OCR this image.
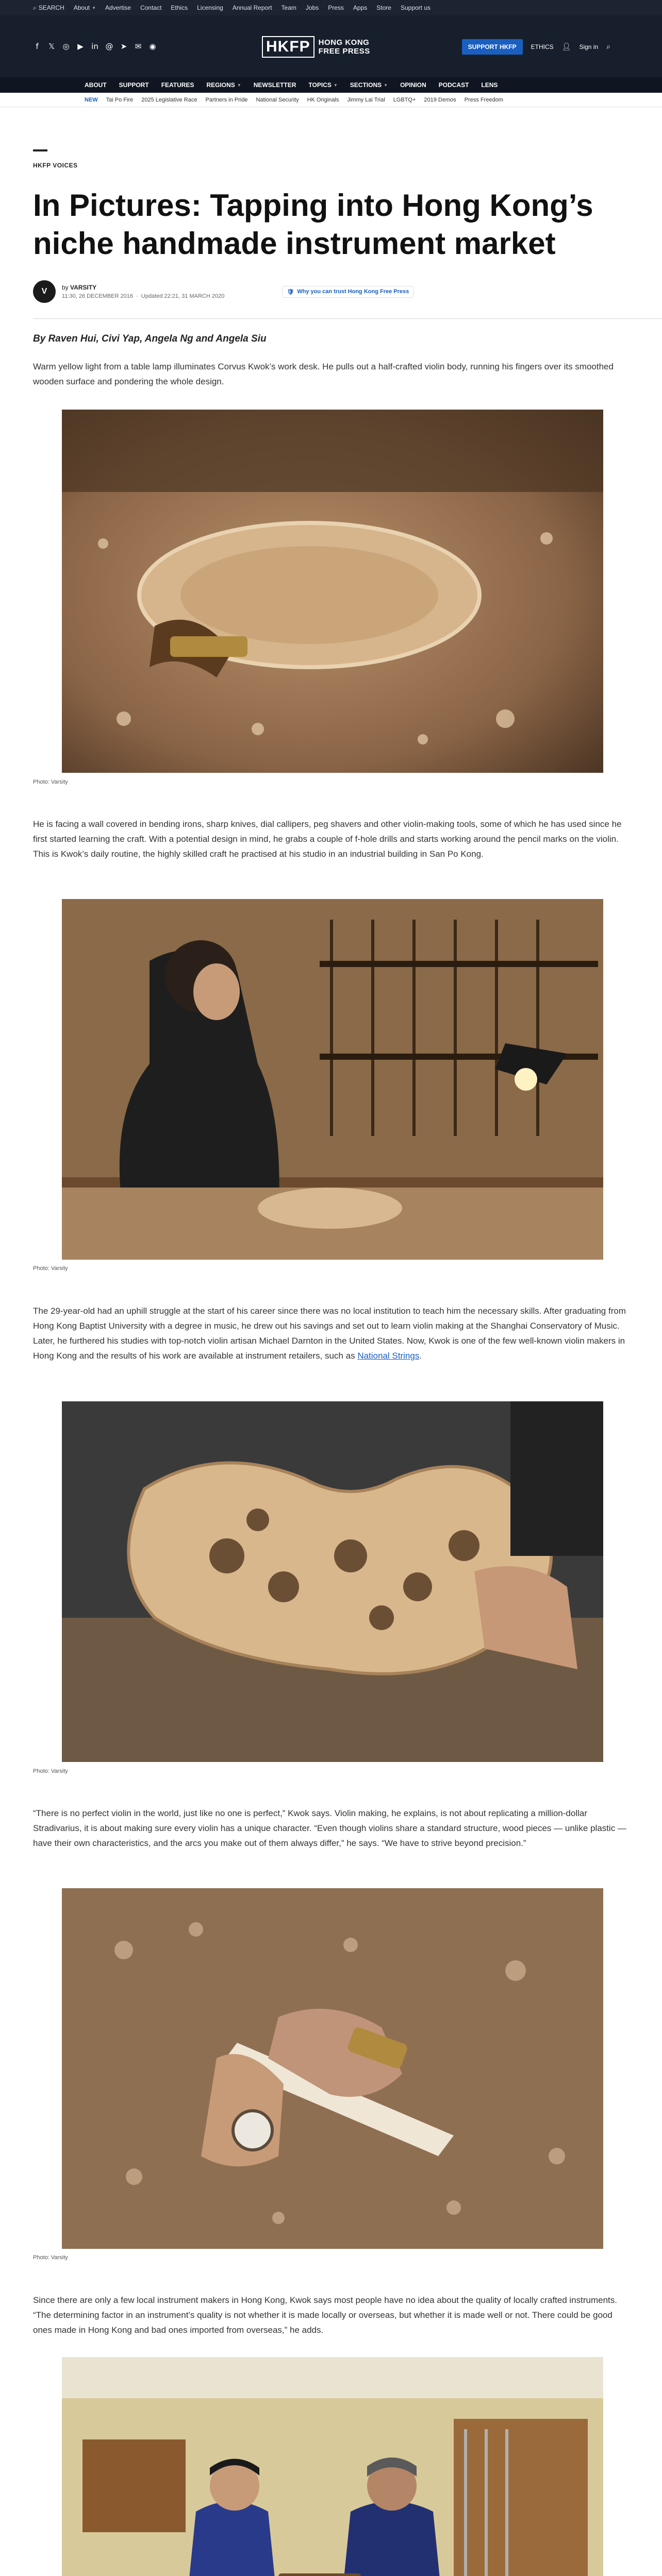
⌕ SEARCH About ▼ Advertise Contact Ethics Licensing Annual Report Team Jobs Press Apps Store Support us
f	𝕏 ◎ ▶ in @ ➤ ✉ ◉	HKFP	HONG KONG
FREE PRESS	SUPPORT HKFP	ETHICS 👤︎ Sign in ⌕
ABOUT SUPPORT FEATURES REGIONS ▼ NEWSLETTER TOPICS ▼ SECTIONS ▼ OPINION PODCAST LENS
NEW Tai Po Fire 2025 Legislative Race Partners in Pride National Security HK Originals Jimmy Lai Trial LGBTQ+ 2019 Demos Press Freedom
HKFP VOICES
In Pictures: Tapping into Hong Kong’s niche handmade instrument market
V	by VARSITY
11:30, 26 DECEMBER 2016  ·  Updated 22:21, 31 MARCH 2020
🛡︎ Why you can trust Hong Kong Free Press
By Raven Hui, Civi Yap, Angela Ng and Angela Siu

Warm yellow light from a table lamp illuminates Corvus Kwok’s work desk. He pulls out a half-crafted violin body, running his fingers over its smoothed wooden surface and pondering the whole design.

Photo: Varsity
He is facing a wall covered in bending irons, sharp knives, dial callipers, peg shavers and other violin-making tools, some of which he has used since he first started learning the craft. With a potential design in mind, he grabs a couple of f-hole drills and starts working around the pencil marks on the violin. This is Kwok’s daily routine, the highly skilled craft he practised at his studio in an industrial building in San Po Kong.
Photo: Varsity
The 29-year-old had an uphill struggle at the start of his career since there was no local institution to teach him the necessary skills. After graduating from Hong Kong Baptist University with a degree in music, he drew out his savings and set out to learn violin making at the Shanghai Conservatory of Music. Later, he furthered his studies with top-notch violin artisan Michael Darnton in the United States. Now, Kwok is one of the few well-known violin makers in Hong Kong and the results of his work are available at instrument retailers, such as National Strings.
Photo: Varsity
“There is no perfect violin in the world, just like no one is perfect,” Kwok says. Violin making, he explains, is not about replicating a million-dollar Stradivarius, it is about making sure every violin has a unique character. “Even though violins share a standard structure, wood pieces — unlike plastic — have their own characteristics, and the arcs you make out of them always differ,” he says. “We have to strive beyond precision.”
Photo: Varsity
Since there are only a few local instrument makers in Hong Kong, Kwok says most people have no idea about the quality of locally crafted instruments. “The determining factor in an instrument’s quality is not whether it is made locally or overseas, but whether it is made well or not. There could be good ones made in Hong Kong and bad ones imported from overseas,” he adds.
